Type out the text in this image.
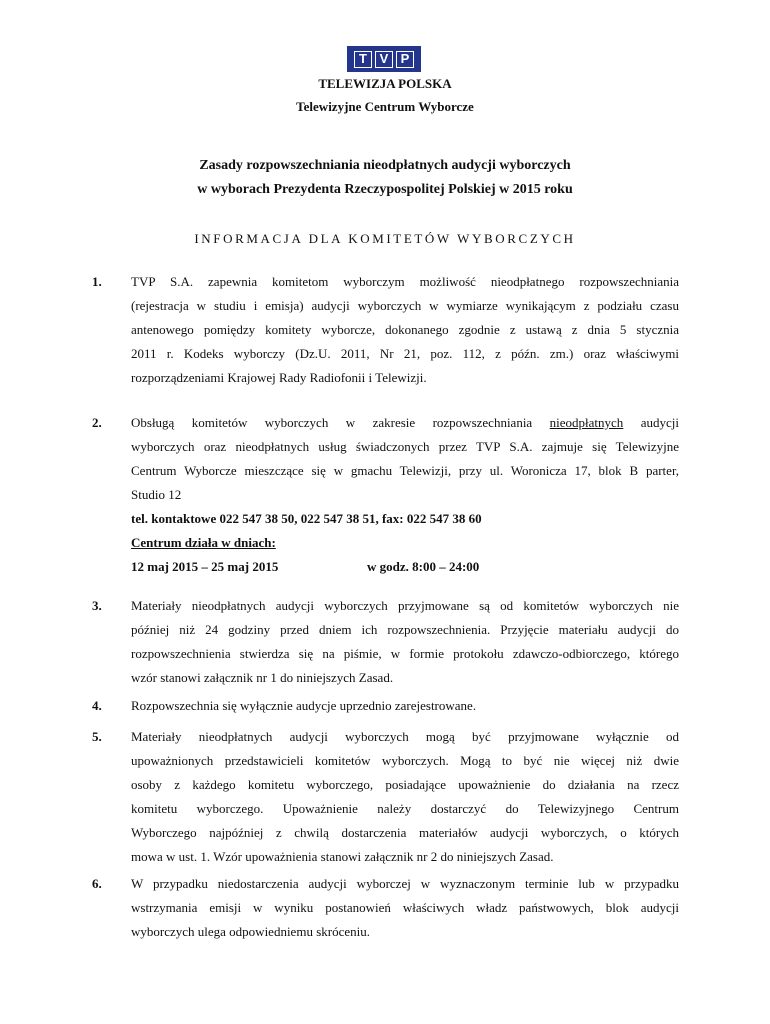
T V P
TELEWIZJA POLSKA
Telewizyjne Centrum Wyborcze
Zasady rozpowszechniania nieodpłatnych audycji wyborczych
w wyborach Prezydenta Rzeczypospolitej Polskiej w 2015 roku
INFORMACJA DLA KOMITETÓW WYBORCZYCH
1. TVP S.A. zapewnia komitetom wyborczym możliwość nieodpłatnego rozpowszechniania
(rejestracja w studiu i emisja) audycji wyborczych w wymiarze wynikającym z podziału czasu
antenowego pomiędzy komitety wyborcze, dokonanego zgodnie z ustawą z dnia 5 stycznia
2011 r. Kodeks wyborczy (Dz.U. 2011, Nr 21, poz. 112, z późn. zm.) oraz właściwymi
rozporządzeniami Krajowej Rady Radiofonii i Telewizji.
2. Obsługą komitetów wyborczych w zakresie rozpowszechniania nieodpłatnych audycji
wyborczych oraz nieodpłatnych usług świadczonych przez TVP S.A. zajmuje się Telewizyjne
Centrum Wyborcze mieszczące się w gmachu Telewizji, przy ul. Woronicza 17, blok B parter,
Studio 12
tel. kontaktowe 022 547 38 50, 022 547 38 51, fax: 022 547 38 60
Centrum działa w dniach:
12 maj 2015 – 25 maj 2015	w godz. 8:00 – 24:00
3. Materiały nieodpłatnych audycji wyborczych przyjmowane są od komitetów wyborczych nie
później niż 24 godziny przed dniem ich rozpowszechnienia. Przyjęcie materiału audycji do
rozpowszechnienia stwierdza się na piśmie, w formie protokołu zdawczo-odbiorczego, którego
wzór stanowi załącznik nr 1 do niniejszych Zasad.
4. Rozpowszechnia się wyłącznie audycje uprzednio zarejestrowane.
5. Materiały nieodpłatnych audycji wyborczych mogą być przyjmowane wyłącznie od
upoważnionych przedstawicieli komitetów wyborczych. Mogą to być nie więcej niż dwie
osoby z każdego komitetu wyborczego, posiadające upoważnienie do działania na rzecz
komitetu wyborczego. Upoważnienie należy dostarczyć do Telewizyjnego Centrum
Wyborczego najpóźniej z chwilą dostarczenia materiałów audycji wyborczych, o których
mowa w ust. 1. Wzór upoważnienia stanowi załącznik nr 2 do niniejszych Zasad.
6. W przypadku niedostarczenia audycji wyborczej w wyznaczonym terminie lub w przypadku
wstrzymania emisji w wyniku postanowień właściwych władz państwowych, blok audycji
wyborczych ulega odpowiedniemu skróceniu.
